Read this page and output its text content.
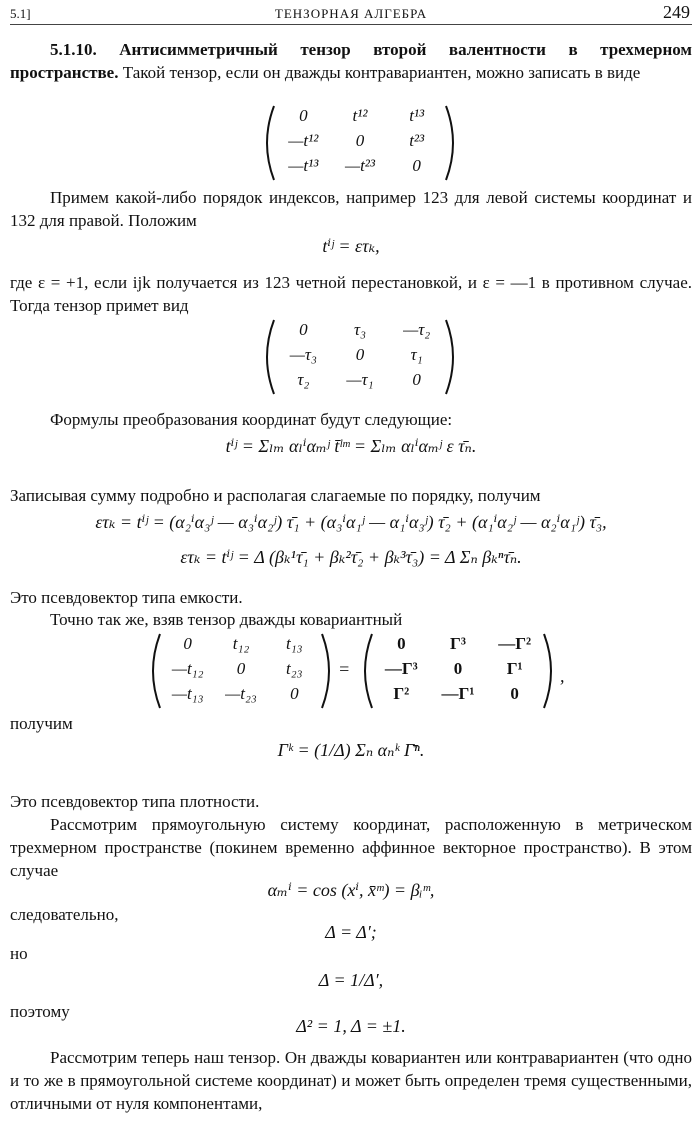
5.1]	ТЕНЗОРНАЯ АЛГЕБРА	249
5.1.10. Антисимметричный тензор второй валентности в трехмерном пространстве. Такой тензор, если он дважды контравариантен, можно записать в виде
0	t¹²	t¹³
—t¹²	0	t²³
—t¹³	—t²³	0
Примем какой-либо порядок индексов, например 123 для левой системы координат и 132 для правой. Положим
tⁱʲ = ετₖ,
где ε = +1, если ijk получается из 123 четной перестановкой, и ε = —1 в противном случае. Тогда тензор примет вид
0	τ₃	—τ₂
—τ₃	0	τ₁
τ₂	—τ₁	0
Формулы преобразования координат будут следующие:
tⁱʲ = Σₗₘ αₗⁱαₘʲ t̄ˡᵐ = Σₗₘ αₗⁱαₘʲ ε τ̄ₙ.
Записывая сумму подробно и располагая слагаемые по порядку, получим
ετₖ = tⁱʲ = (α₂ⁱα₃ʲ — α₃ⁱα₂ʲ) τ̄₁ + (α₃ⁱα₁ʲ — α₁ⁱα₃ʲ) τ̄₂ + (α₁ⁱα₂ʲ — α₂ⁱα₁ʲ) τ̄₃,
ετₖ = tⁱʲ = Δ (βₖ¹τ̄₁ + βₖ²τ̄₂ + βₖ³τ̄₃) = Δ Σₙ βₖⁿτ̄ₙ.
Это псевдовектор типа емкости.
Точно так же, взяв тензор дважды ковариантный
0	t₁₂	t₁₃
—t₁₂	0	t₂₃
—t₁₃	—t₂₃	0
=
0	Γ³	—Γ²
—Γ³	0	Γ¹
Γ²	—Γ¹	0
,
получим
Γᵏ = (1/Δ) Σₙ αₙᵏ Γ̄ⁿ.
Это псевдовектор типа плотности.
Рассмотрим прямоугольную систему координат, расположенную в метрическом трехмерном пространстве (покинем временно аффинное векторное пространство). В этом случае
αₘⁱ = cos (xⁱ, x̄ᵐ) = βᵢᵐ,
следовательно,
Δ = Δ′;
но
Δ = 1/Δ′,
поэтому
Δ² = 1, Δ = ±1.
Рассмотрим теперь наш тензор. Он дважды ковариантен или контравариантен (что одно и то же в прямоугольной системе координат) и может быть определен тремя существенными, отличными от нуля компонентами,
